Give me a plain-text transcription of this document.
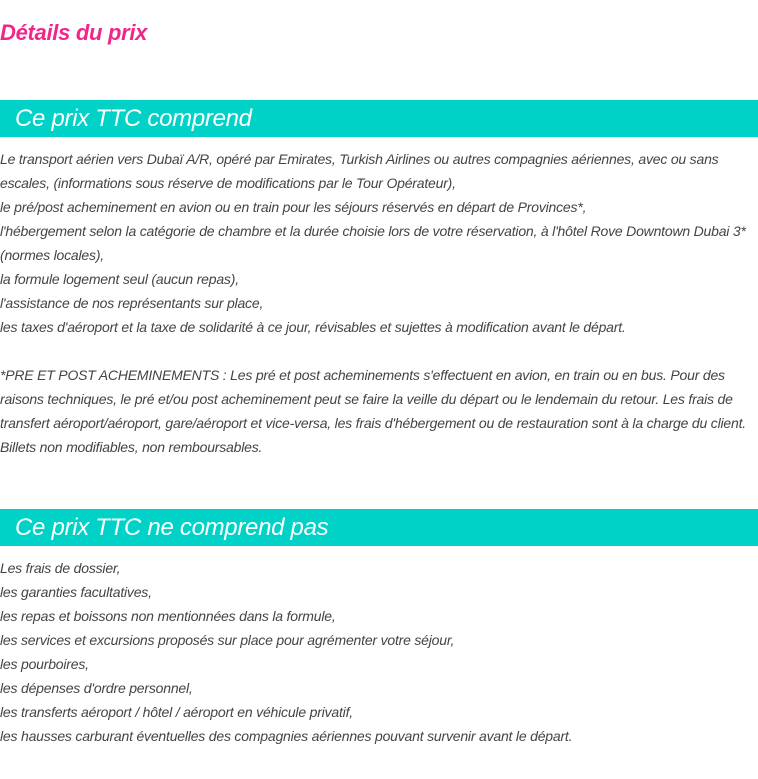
Détails du prix
Ce prix TTC comprend

Le transport aérien vers Dubaï A/R, opéré par Emirates, Turkish Airlines ou autres compagnies aériennes, avec ou sans escales, (informations sous réserve de modifications par le Tour Opérateur),

le pré/post acheminement en avion ou en train pour les séjours réservés en départ de Provinces*,

l'hébergement selon la catégorie de chambre et la durée choisie lors de votre réservation, à l'hôtel Rove Downtown Dubai 3* (normes locales),

la formule logement seul (aucun repas),

l'assistance de nos représentants sur place,

les taxes d'aéroport et la taxe de solidarité à ce jour, révisables et sujettes à modification avant le départ.

*PRE ET POST ACHEMINEMENTS : Les pré et post acheminements s'effectuent en avion, en train ou en bus. Pour des raisons techniques, le pré et/ou post acheminement peut se faire la veille du départ ou le lendemain du retour. Les frais de transfert aéroport/aéroport, gare/aéroport et vice-versa, les frais d'hébergement ou de restauration sont à la charge du client. Billets non modifiables, non remboursables.

Ce prix TTC ne comprend pas

Les frais de dossier,

les garanties facultatives,

les repas et boissons non mentionnées dans la formule,

les services et excursions proposés sur place pour agrémenter votre séjour,

les pourboires,

les dépenses d'ordre personnel,

les transferts aéroport / hôtel / aéroport en véhicule privatif,

les hausses carburant éventuelles des compagnies aériennes pouvant survenir avant le départ.
